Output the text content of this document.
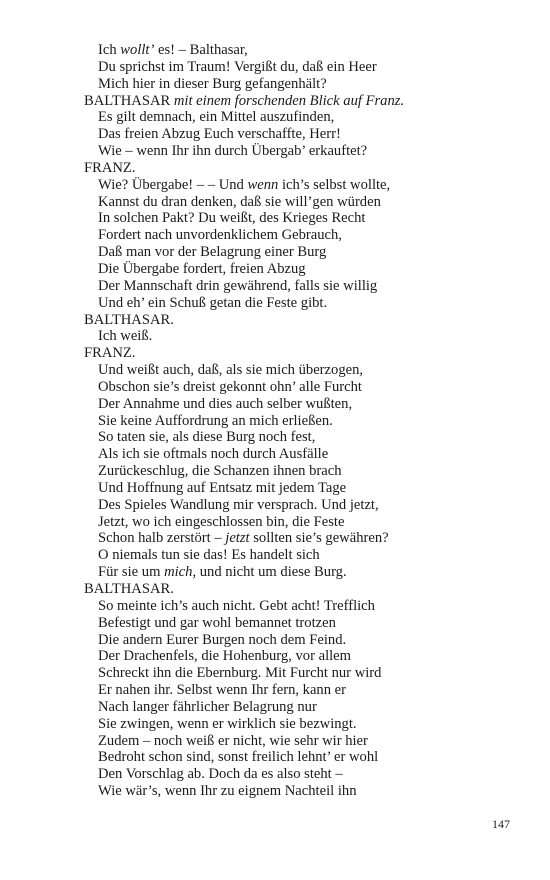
Ich wollt’ es! – Balthasar,
Du sprichst im Traum! Vergißt du, daß ein Heer
Mich hier in dieser Burg gefangenhält?
BALTHASAR mit einem forschenden Blick auf Franz.
Es gilt demnach, ein Mittel auszufinden,
Das freien Abzug Euch verschaffte, Herr!
Wie – wenn Ihr ihn durch Übergab’ erkauftet?
FRANZ.
Wie? Übergabe! – – Und wenn ich’s selbst wollte,
Kannst du dran denken, daß sie will’gen würden
In solchen Pakt? Du weißt, des Krieges Recht
Fordert nach unvordenklichem Gebrauch,
Daß man vor der Belagrung einer Burg
Die Übergabe fordert, freien Abzug
Der Mannschaft drin gewährend, falls sie willig
Und eh’ ein Schuß getan die Feste gibt.
BALTHASAR.
Ich weiß.
FRANZ.
Und weißt auch, daß, als sie mich überzogen,
Obschon sie’s dreist gekonnt ohn’ alle Furcht
Der Annahme und dies auch selber wußten,
Sie keine Auffordrung an mich erließen.
So taten sie, als diese Burg noch fest,
Als ich sie oftmals noch durch Ausfälle
Zurückeschlug, die Schanzen ihnen brach
Und Hoffnung auf Entsatz mit jedem Tage
Des Spieles Wandlung mir versprach. Und jetzt,
Jetzt, wo ich eingeschlossen bin, die Feste
Schon halb zerstört – jetzt sollten sie’s gewähren?
O niemals tun sie das! Es handelt sich
Für sie um mich, und nicht um diese Burg.
BALTHASAR.
So meinte ich’s auch nicht. Gebt acht! Trefflich
Befestigt und gar wohl bemannet trotzen
Die andern Eurer Burgen noch dem Feind.
Der Drachenfels, die Hohenburg, vor allem
Schreckt ihn die Ebernburg. Mit Furcht nur wird
Er nahen ihr. Selbst wenn Ihr fern, kann er
Nach langer fährlicher Belagrung nur
Sie zwingen, wenn er wirklich sie bezwingt.
Zudem – noch weiß er nicht, wie sehr wir hier
Bedroht schon sind, sonst freilich lehnt’ er wohl
Den Vorschlag ab. Doch da es also steht –
Wie wär’s, wenn Ihr zu eignem Nachteil ihn
147
